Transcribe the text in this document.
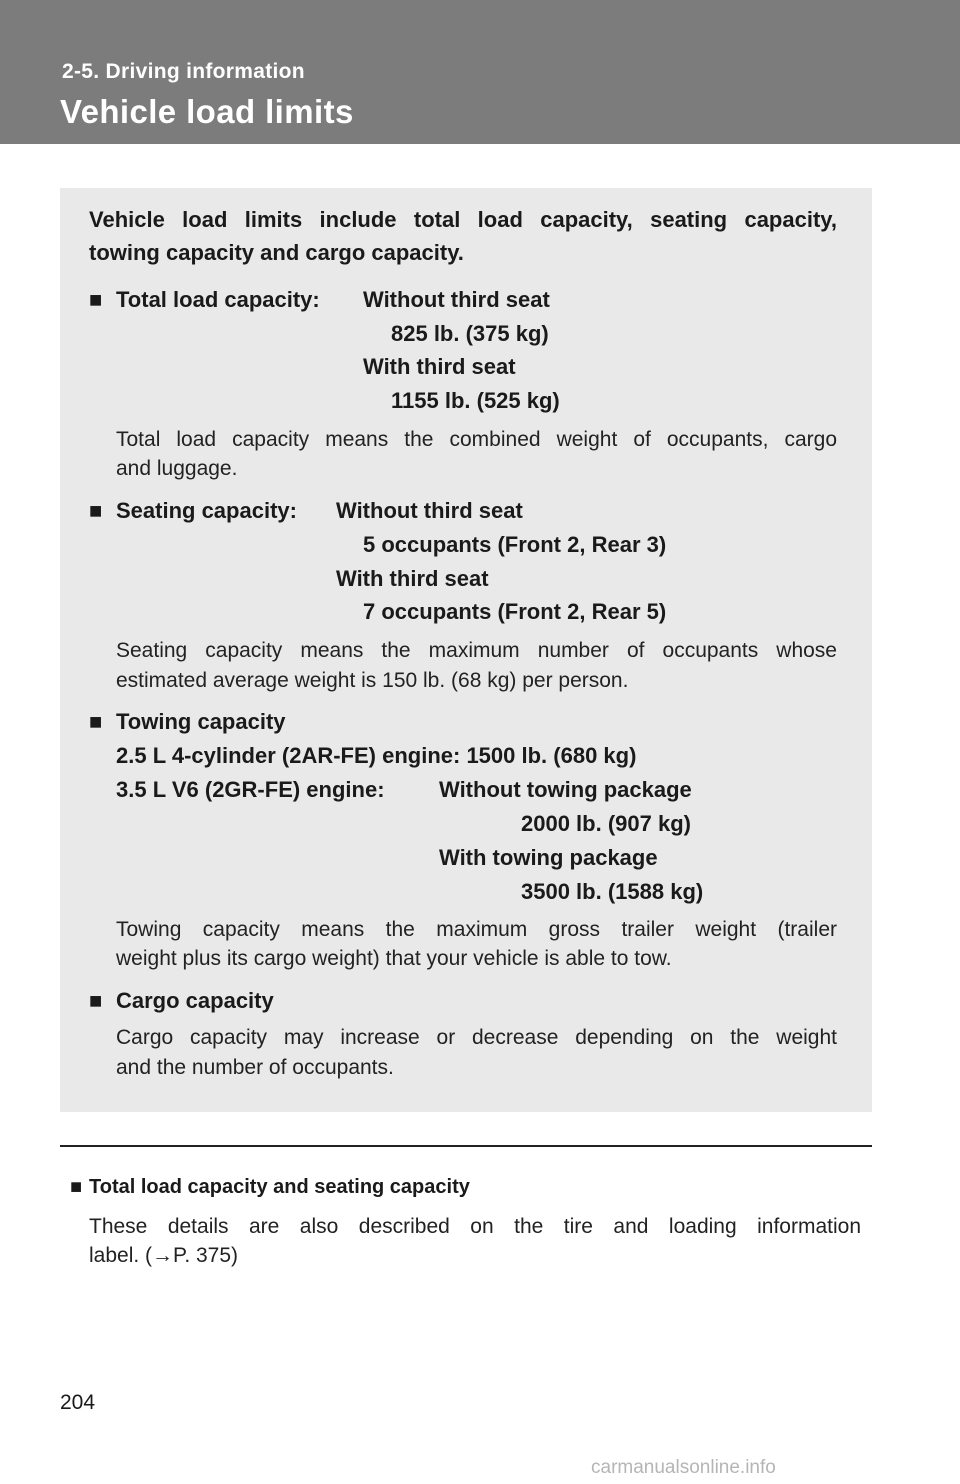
2-5. Driving information
Vehicle load limits
Vehicle load limits include total load capacity, seating capacity,
towing capacity and cargo capacity.
■ Total load capacity: Without third seat
825 lb. (375 kg)
With third seat
1155 lb. (525 kg)
Total load capacity means the combined weight of occupants, cargo
and luggage.
■ Seating capacity: Without third seat
5 occupants (Front 2, Rear 3)
With third seat
7 occupants (Front 2, Rear 5)
Seating capacity means the maximum number of occupants whose
estimated average weight is 150 lb. (68 kg) per person.
■ Towing capacity
2.5 L 4-cylinder (2AR-FE) engine: 1500 lb. (680 kg)
3.5 L V6 (2GR-FE) engine: Without towing package
2000 lb. (907 kg)
With towing package
3500 lb. (1588 kg)
Towing capacity means the maximum gross trailer weight (trailer
weight plus its cargo weight) that your vehicle is able to tow.
■ Cargo capacity
Cargo capacity may increase or decrease depending on the weight
and the number of occupants.
■ Total load capacity and seating capacity
These details are also described on the tire and loading information
label. (→P. 375)
204
carmanualsonline.info
